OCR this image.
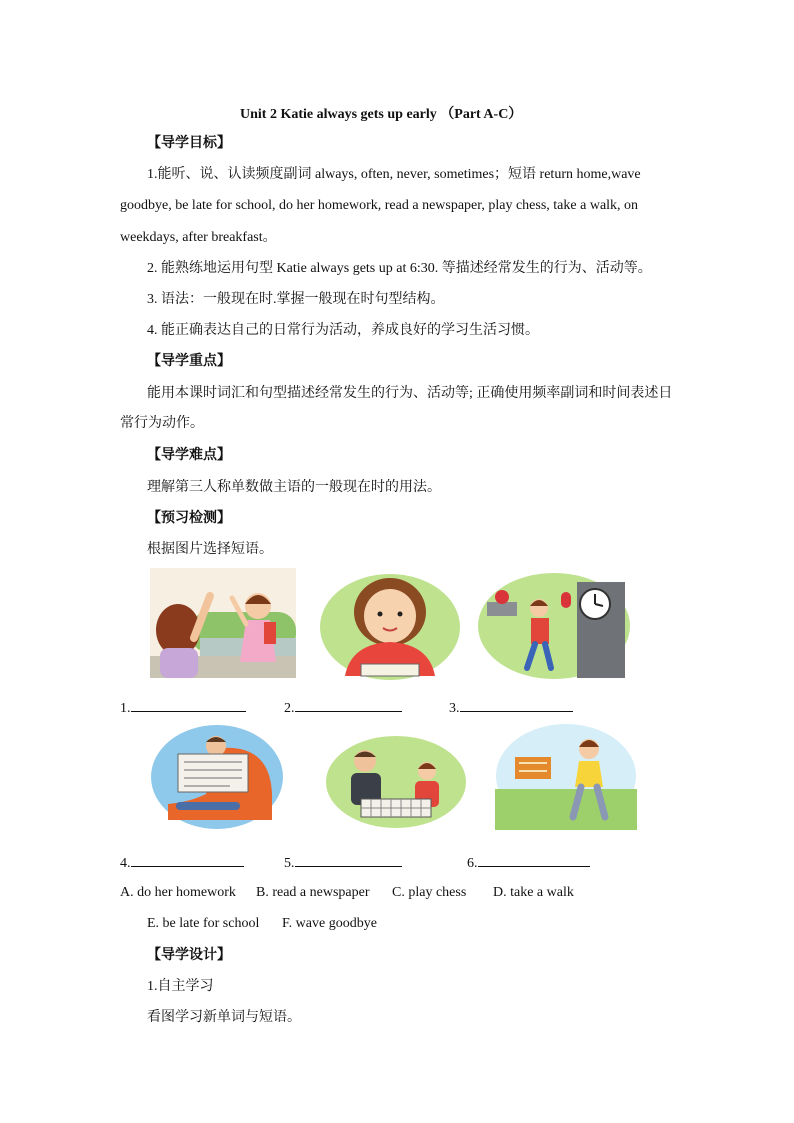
Unit 2 Katie always gets up early （Part A-C）
【导学目标】
1.能听、说、认读频度副词 always, often, never, sometimes；短语 return home,wave
goodbye, be late for school, do her homework, read a newspaper, play chess, take a walk, on
weekdays, after breakfast。
2. 能熟练地运用句型 Katie always gets up at 6:30. 等描述经常发生的行为、活动等。
3. 语法：一般现在时.掌握一般现在时句型结构。
4. 能正确表达自己的日常行为活动，养成良好的学习生活习惯。
【导学重点】
能用本课时词汇和句型描述经常发生的行为、活动等; 正确使用频率副词和时间表述日
常行为动作。
【导学难点】
理解第三人称单数做主语的一般现在时的用法。
【预习检测】
根据图片选择短语。
1.	2.	3.
4.	5.	6.
A. do her homework B. read a newspaper C. play chess D. take a walk
E. be late for school F. wave goodbye
【导学设计】
1.自主学习
看图学习新单词与短语。
